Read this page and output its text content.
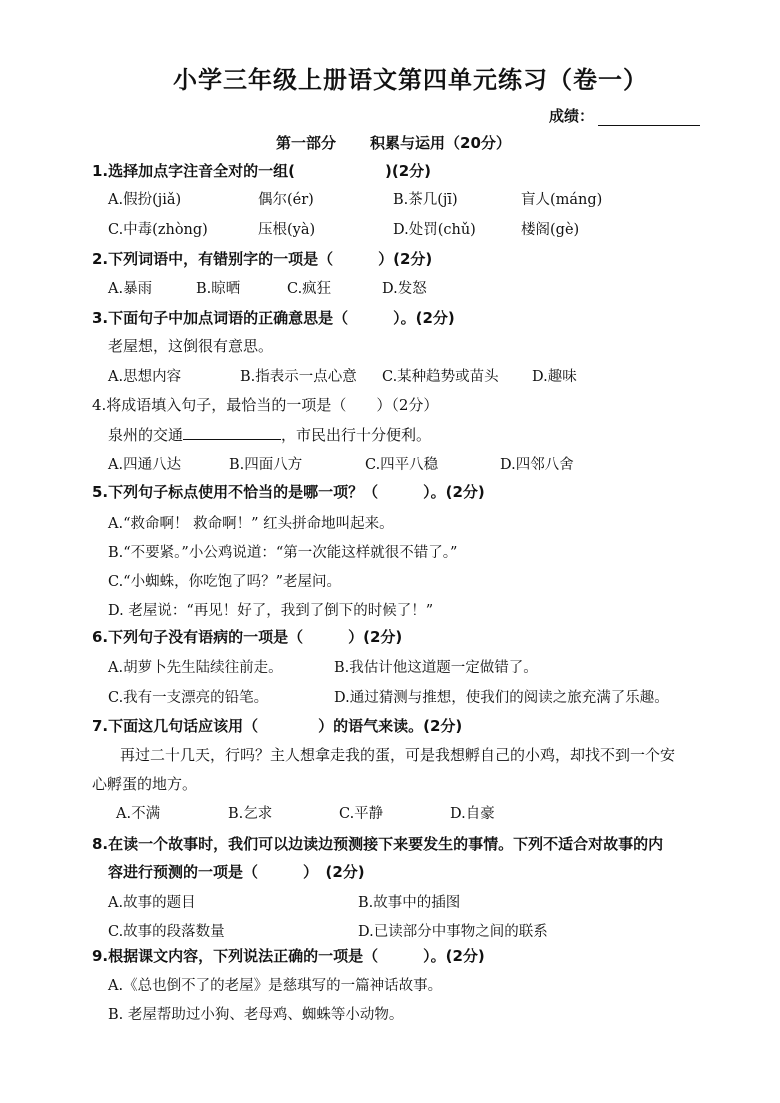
小学三年级上册语文第四单元练习（卷一）
成绩：
第一部分 积累与运用（20分）
1.选择加点字注音全对的一组(　　　　　　)(2分)
A.假扮(jiǎ)	偶尔(ér)	B.茶几(jī)	盲人(máng)
C.中毒(zhòng)	压根(yà)	D.处罚(chǔ)	楼阁(gè)
2.下列词语中，有错别字的一项是（　　　）(2分)
A.暴雨	B.晾晒	C.疯狂	D.发怒
3.下面句子中加点词语的正确意思是（　　　）。(2分)
老屋想，这倒很有意思。
A.思想内容	B.指表示一点心意 C.某种趋势或苗头 D.趣味
4.将成语填入句子，最恰当的一项是（　　）（2分）
泉州的交通	，市民出行十分便利。
A.四通八达	B.四面八方	C.四平八稳	D.四邻八舍
5.下列句子标点使用不恰当的是哪一项？（　　　）。(2分)
A.“救命啊！ 救命啊！” 红头拼命地叫起来。
B.“不要紧。”小公鸡说道：“第一次能这样就很不错了。”
C.“小蜘蛛，你吃饱了吗？”老屋问。
D. 老屋说：“再见！好了，我到了倒下的时候了！”
6.下列句子没有语病的一项是（　　　）(2分)
A.胡萝卜先生陆续往前走。	B.我估计他这道题一定做错了。
C.我有一支漂亮的铅笔。	D.通过猜测与推想，使我们的阅读之旅充满了乐趣。
7.下面这几句话应该用（　　　　）的语气来读。(2分)
再过二十几天，行吗？主人想拿走我的蛋，可是我想孵自己的小鸡，却找不到一个安
心孵蛋的地方。
A.不满	B.乞求	C.平静	D.自豪
8.在读一个故事时，我们可以边读边预测接下来要发生的事情。下列不适合对故事的内
容进行预测的一项是（　　　）　(2分)
A.故事的题目	B.故事中的插图
C.故事的段落数量	D.已读部分中事物之间的联系
9.根据课文内容，下列说法正确的一项是（　　　）。(2分)
A.《总也倒不了的老屋》是慈琪写的一篇神话故事。
B. 老屋帮助过小狗、老母鸡、蜘蛛等小动物。
